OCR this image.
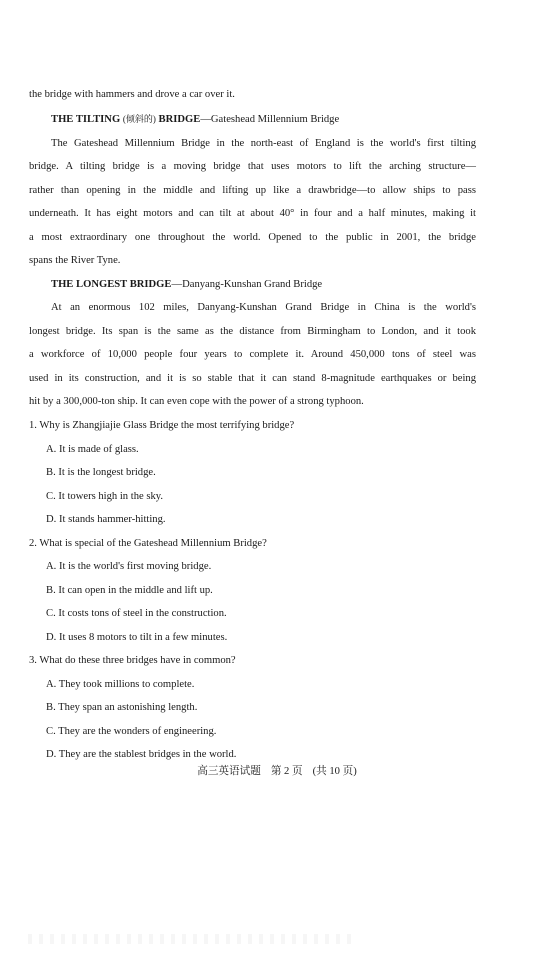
the bridge with hammers and drove a car over it.
THE TILTING (倾斜的) BRIDGE—Gateshead Millennium Bridge
The Gateshead Millennium Bridge in the north-east of England is the world's first tilting
bridge. A tilting bridge is a moving bridge that uses motors to lift the arching structure—
rather than opening in the middle and lifting up like a drawbridge—to allow ships to pass
underneath. It has eight motors and can tilt at about 40° in four and a half minutes, making it
a most extraordinary one throughout the world. Opened to the public in 2001, the bridge
spans the River Tyne.
THE LONGEST BRIDGE—Danyang-Kunshan Grand Bridge
At an enormous 102 miles, Danyang-Kunshan Grand Bridge in China is the world's
longest bridge. Its span is the same as the distance from Birmingham to London, and it took
a workforce of 10,000 people four years to complete it. Around 450,000 tons of steel was
used in its construction, and it is so stable that it can stand 8-magnitude earthquakes or being
hit by a 300,000-ton ship. It can even cope with the power of a strong typhoon.
1. Why is Zhangjiajie Glass Bridge the most terrifying bridge?
A. It is made of glass.
B. It is the longest bridge.
C. It towers high in the sky.
D. It stands hammer-hitting.
2. What is special of the Gateshead Millennium Bridge?
A. It is the world's first moving bridge.
B. It can open in the middle and lift up.
C. It costs tons of steel in the construction.
D. It uses 8 motors to tilt in a few minutes.
3. What do these three bridges have in common?
A. They took millions to complete.
B. They span an astonishing length.
C. They are the wonders of engineering.
D. They are the stablest bridges in the world.
高三英语试题 第 2 页 (共 10 页)
